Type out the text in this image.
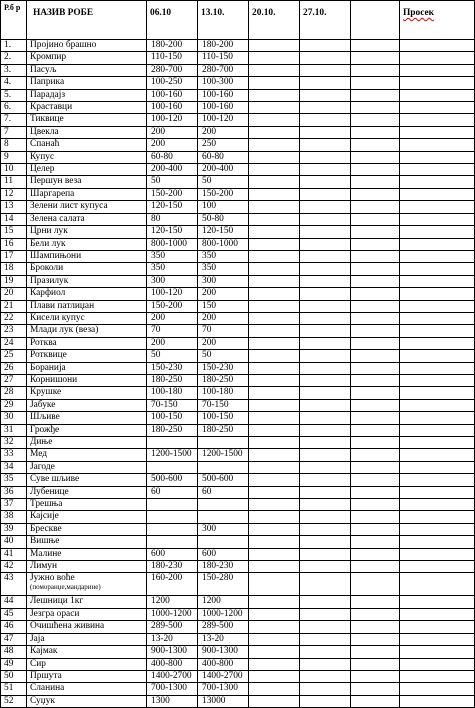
Р.б р	НАЗИВ РОБЕ	06.10	13.10.	20.10.	27.10.		Просек
1.	Пројино брашно	180-200	180-200				
2.	Кромпир	110-150	110-150				
3.	Пасуљ	280-700	280-700				
4.	Паприка	100-250	100-300				
5.	Парадајз	100-160	100-160				
6.	Краставци	100-160	100-160				
7.	Тиквице	100-120	100-120				
7	Цвекла	200	200				
8	Спанаћ	200	250				
9	Купус	60-80	60-80				
10	Целер	200-400	200-400				
11	Першун веза	50	50				
12	Шаргарепа	150-200	150-200				
13	Зелени лист купуса	120-150	100				
14	Зелена салата	80	50-80				
15	Црни лук	120-150	120-150				
16	Бели лук	800-1000	800-1000				
17	Шампињони	350	350				
18	Броколи	350	350				
19	Празилук	300	300				
20	Карфиол	100-120	200				
21	Плави патлиџан	150-200	150				
22	Кисели купус	200	200				
23	Млади лук (веза)	70	70				
24	Ротква	200	200				
25	Ротквице	50	50				
26	Боранија	150-230	150-230				
27	Корнишони	180-250	180-250				
28	Крушке	100-180	100-180				
29	Јабуке	70-150	70-150				
30	Шљиве	100-150	100-150				
31	Грожђе	180-250	180-250				
32	Диње						
33	Мед	1200-1500	1200-1500				
34	Јагоде						
35	Суве шљиве	500-600	500-600				
36	Лубенице	60	60				
37	Трешња						
38	Кајсије						
39	Брескве		300				
40	Вишње						
41	Малине	600	600				
42	Лимун	180-230	180-230				
43	Јужно воће
(поморанџе,мандарине)	160-200	150-280				
44	Лешници 1кг	1200	1200				
45	Језгра ораси	1000-1200	1000-1200				
46	Очишћена живина	289-500	289-500				
47	Јаја	13-20	13-20				
48	Кајмак	900-1300	900-1300				
49	Сир	400-800	400-800				
50	Пршута	1400-2700	1400-2700				
51	Сланина	700-1300	700-1300				
52	Суџук	1300	13000				
